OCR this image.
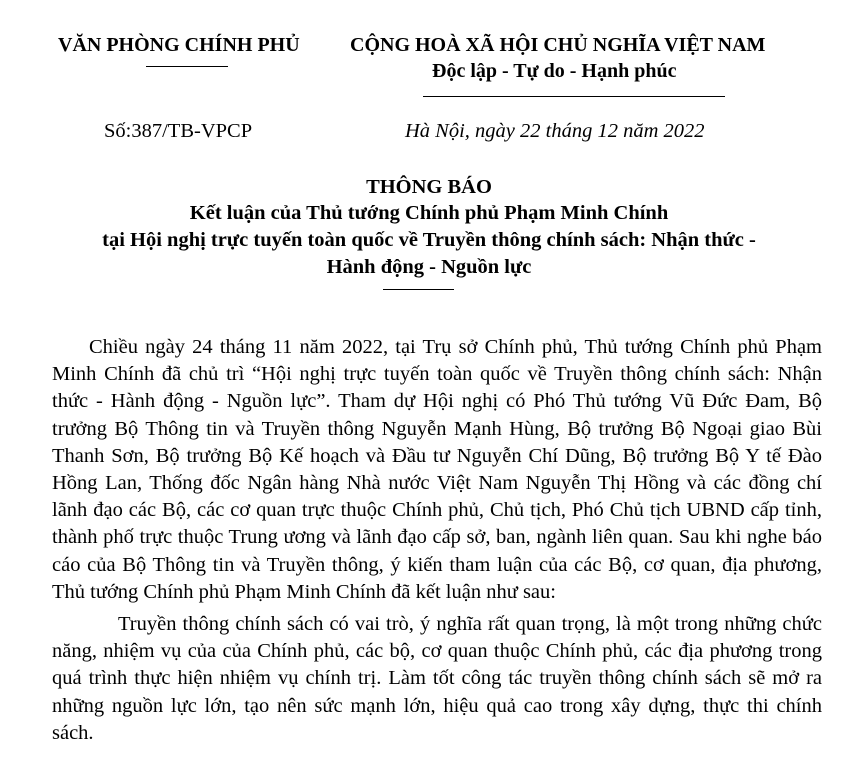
VĂN PHÒNG CHÍNH PHỦ	CỘNG HOÀ XÃ HỘI CHỦ NGHĨA VIỆT NAM
Độc lập - Tự do - Hạnh phúc
Số:387/TB-VPCP	Hà Nội, ngày 22 tháng 12 năm 2022
THÔNG BÁO
Kết luận của Thủ tướng Chính phủ Phạm Minh Chính
tại Hội nghị trực tuyến toàn quốc về Truyền thông chính sách: Nhận thức -
Hành động - Nguồn lực

Chiều ngày 24 tháng 11 năm 2022, tại Trụ sở Chính phủ, Thủ tướng Chính phủ Phạm Minh Chính đã chủ trì “Hội nghị trực tuyến toàn quốc về Truyền thông chính sách: Nhận thức - Hành động - Nguồn lực”. Tham dự Hội nghị có Phó Thủ tướng Vũ Đức Đam, Bộ trưởng Bộ Thông tin và Truyền thông Nguyễn Mạnh Hùng, Bộ trưởng Bộ Ngoại giao Bùi Thanh Sơn, Bộ trưởng Bộ Kế hoạch và Đầu tư Nguyễn Chí Dũng, Bộ trưởng Bộ Y tế Đào Hồng Lan, Thống đốc Ngân hàng Nhà nước Việt Nam Nguyễn Thị Hồng và các đồng chí lãnh đạo các Bộ, các cơ quan trực thuộc Chính phủ, Chủ tịch, Phó Chủ tịch UBND cấp tỉnh, thành phố trực thuộc Trung ương và lãnh đạo cấp sở, ban, ngành liên quan. Sau khi nghe báo cáo của Bộ Thông tin và Truyền thông, ý kiến tham luận của các Bộ, cơ quan, địa phương, Thủ tướng Chính phủ Phạm Minh Chính đã kết luận như sau:

Truyền thông chính sách có vai trò, ý nghĩa rất quan trọng, là một trong những chức năng, nhiệm vụ của của Chính phủ, các bộ, cơ quan thuộc Chính phủ, các địa phương trong quá trình thực hiện nhiệm vụ chính trị. Làm tốt công tác truyền thông chính sách sẽ mở ra những nguồn lực lớn, tạo nên sức mạnh lớn, hiệu quả cao trong xây dựng, thực thi chính sách.
